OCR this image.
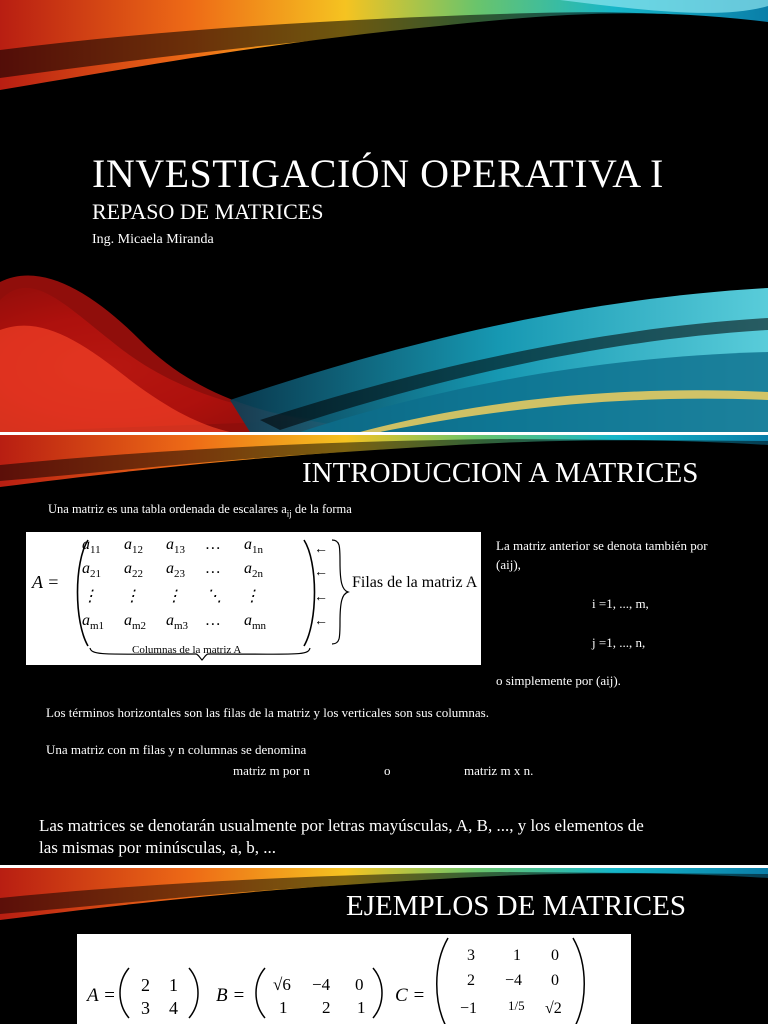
INVESTIGACIÓN OPERATIVA I
REPASO DE MATRICES
Ing. Micaela Miranda
INTRODUCCION A MATRICES
Una matriz es una tabla ordenada de escalares $a_{ij}$ de la forma
A =
$a_{11}$ $a_{12}$ $a_{13}$ … $a_{1n}$
$a_{21}$ $a_{22}$ $a_{23}$ … $a_{2n}$
⋮ ⋮ ⋮ ⋱ ⋮
$a_{m1}$ $a_{m2}$ $a_{m3}$ … $a_{mn}$
←
←
←
←
Filas de la matriz A
Columnas de la matriz A
La matriz anterior se denota también por
(aij),
i =1, ..., m,
j =1, ..., n,
o simplemente por (aij).
Los términos horizontales son las filas de la matriz y los verticales son sus columnas.
Una matriz con m filas y n columnas se denomina
matriz m por n	o	matriz m x n.
Las matrices se denotarán usualmente por letras mayúsculas, A, B, ..., y los elementos de
las mismas por minúsculas, a, b, ...
EJEMPLOS DE MATRICES
A = 2 1
3 4
B =
√6 −4 0
1 2 1
C =
3 1 0
2 −4 0
−1 1/5 √2
